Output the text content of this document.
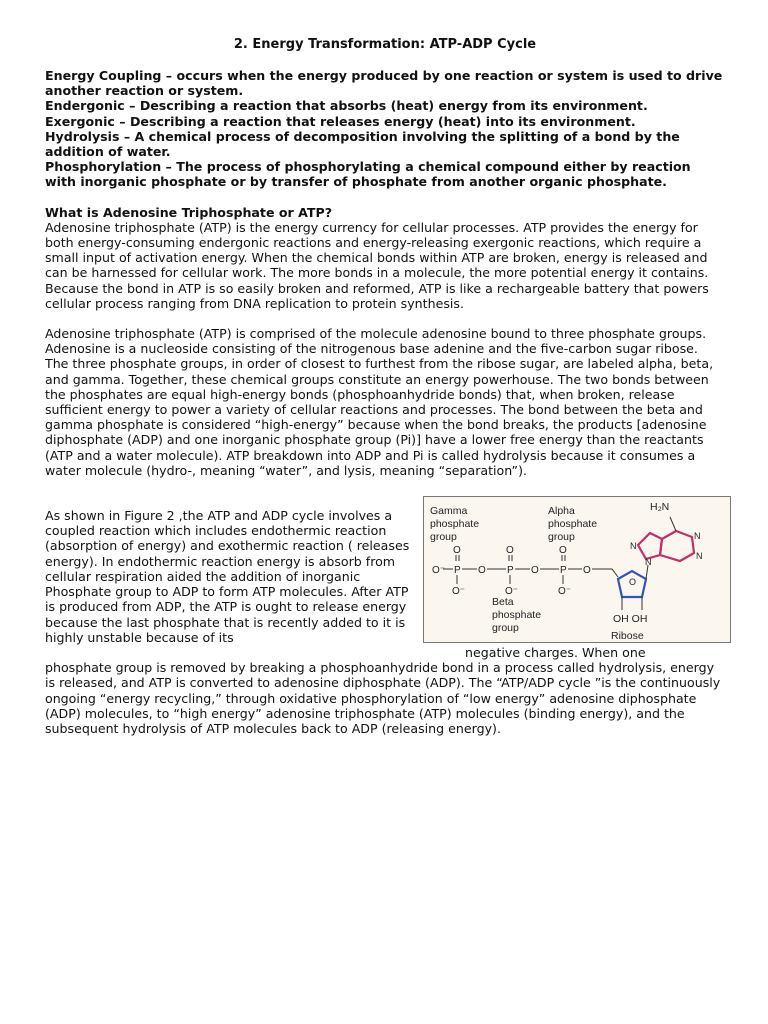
2. Energy Transformation: ATP-ADP Cycle

Energy Coupling – occurs when the energy produced by one reaction or system is used to drive another reaction or system.

Endergonic – Describing a reaction that absorbs (heat) energy from its environment.

Exergonic – Describing a reaction that releases energy (heat) into its environment.

Hydrolysis – A chemical process of decomposition involving the splitting of a bond by the addition of water.

Phosphorylation – The process of phosphorylating a chemical compound either by reaction with inorganic phosphate or by transfer of phosphate from another organic phosphate.

What is Adenosine Triphosphate or ATP?

Adenosine triphosphate (ATP) is the energy currency for cellular processes. ATP provides the energy for both energy-consuming endergonic reactions and energy-releasing exergonic reactions, which require a small input of activation energy. When the chemical bonds within ATP are broken, energy is released and can be harnessed for cellular work. The more bonds in a molecule, the more potential energy it contains. Because the bond in ATP is so easily broken and reformed, ATP is like a rechargeable battery that powers cellular process ranging from DNA replication to protein synthesis.

Adenosine triphosphate (ATP) is comprised of the molecule adenosine bound to three phosphate groups. Adenosine is a nucleoside consisting of the nitrogenous base adenine and the five-carbon sugar ribose. The three phosphate groups, in order of closest to furthest from the ribose sugar, are labeled alpha, beta, and gamma. Together, these chemical groups constitute an energy powerhouse. The two bonds between the phosphates are equal high-energy bonds (phosphoanhydride bonds) that, when broken, release sufficient energy to power a variety of cellular reactions and processes. The bond between the beta and gamma phosphate is considered “high-energy” because when the bond breaks, the products [adenosine diphosphate (ADP) and one inorganic phosphate group (Pi)] have a lower free energy than the reactants (ATP and a water molecule). ATP breakdown into ADP and Pi is called hydrolysis because it consumes a water molecule (hydro-, meaning “water”, and lysis, meaning “separation”).

As shown in Figure 2 ,the ATP and ADP cycle involves a coupled reaction which includes endothermic reaction (absorption of energy) and exothermic reaction ( releases energy). In endothermic reaction energy is absorb from cellular respiration aided the addition of inorganic Phosphate group to ADP to form ATP molecules. After ATP is produced from ADP, the ATP is ought to release energy because the last phosphate that is recently added to it is highly unstable because of its

Gamma
phosphate
group
Alpha
phosphate
group
Beta
phosphate
group
Ribose
OH OH
H₂N
O⁻ P O P O P O
O	O	O
O⁻	O⁻	O⁻
O
N
N
N
N

negative charges. When one

phosphate group is removed by breaking a phosphoanhydride bond in a process called hydrolysis, energy is released, and ATP is converted to adenosine diphosphate (ADP). The “ATP/ADP cycle ”is the continuously ongoing “energy recycling,” through oxidative phosphorylation of “low energy” adenosine diphosphate (ADP) molecules, to “high energy” adenosine triphosphate (ATP) molecules (binding energy), and the subsequent hydrolysis of ATP molecules back to ADP (releasing energy).
